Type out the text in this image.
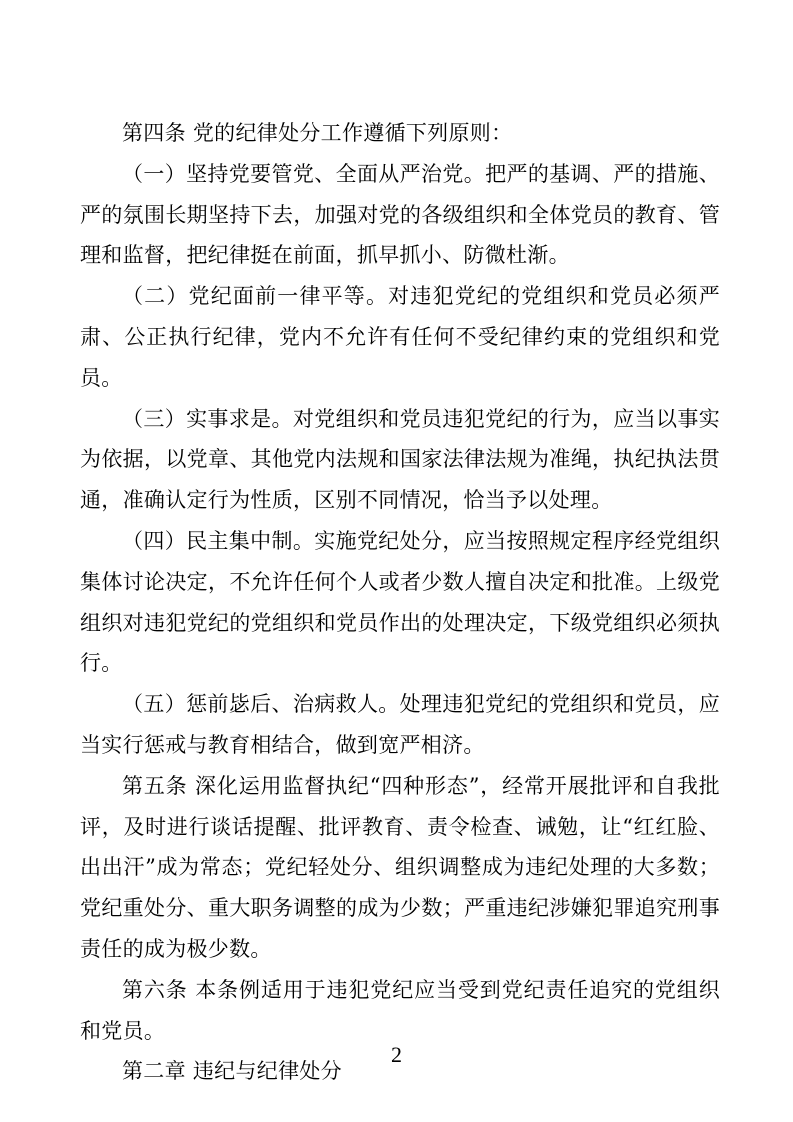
第四条 党的纪律处分工作遵循下列原则：

（一）坚持党要管党、全面从严治党。把严的基调、严的措施、严的氛围长期坚持下去，加强对党的各级组织和全体党员的教育、管理和监督，把纪律挺在前面，抓早抓小、防微杜渐。

（二）党纪面前一律平等。对违犯党纪的党组织和党员必须严肃、公正执行纪律，党内不允许有任何不受纪律约束的党组织和党员。

（三）实事求是。对党组织和党员违犯党纪的行为，应当以事实为依据，以党章、其他党内法规和国家法律法规为准绳，执纪执法贯通，准确认定行为性质，区别不同情况，恰当予以处理。

（四）民主集中制。实施党纪处分，应当按照规定程序经党组织集体讨论决定，不允许任何个人或者少数人擅自决定和批准。上级党组织对违犯党纪的党组织和党员作出的处理决定，下级党组织必须执行。

（五）惩前毖后、治病救人。处理违犯党纪的党组织和党员，应当实行惩戒与教育相结合，做到宽严相济。

第五条 深化运用监督执纪“四种形态”，经常开展批评和自我批评，及时进行谈话提醒、批评教育、责令检查、诫勉，让“红红脸、出出汗”成为常态；党纪轻处分、组织调整成为违纪处理的大多数；党纪重处分、重大职务调整的成为少数；严重违纪涉嫌犯罪追究刑事责任的成为极少数。

第六条 本条例适用于违犯党纪应当受到党纪责任追究的党组织和党员。

第二章 违纪与纪律处分

2
